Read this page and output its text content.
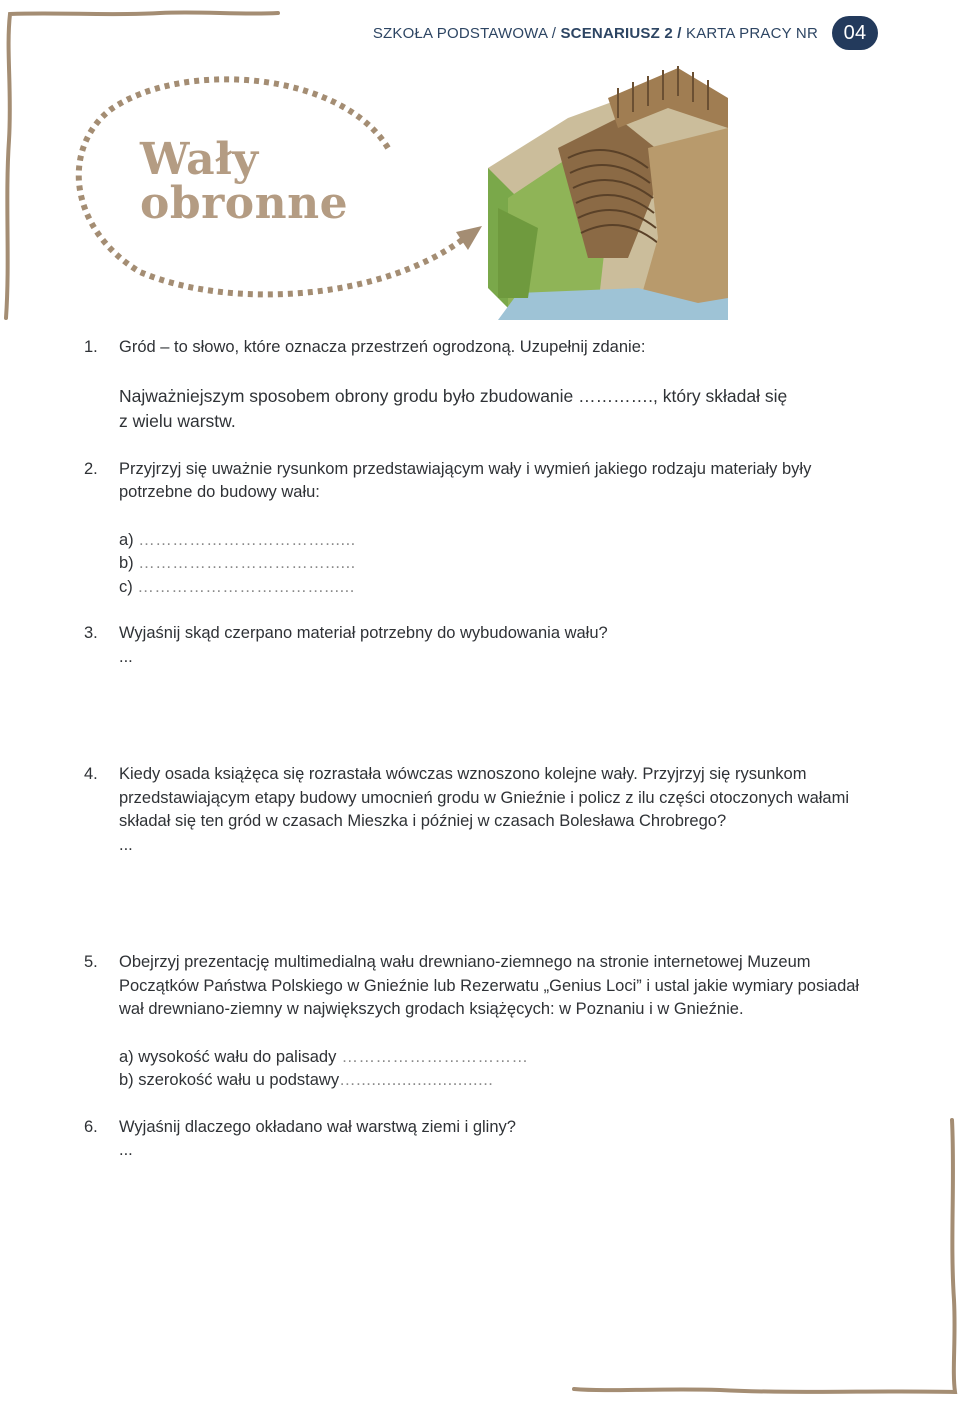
SZKOŁA PODSTAWOWA / SCENARIUSZ 2 / KARTA PRACY NR	04
Wały
obronne
1. Gród – to słowo, które oznacza przestrzeń ogrodzoną. Uzupełnij zdanie:
Najważniejszym sposobem obrony grodu było zbudowanie …………., który składał się
z wielu warstw.
2. Przyjrzyj się uważnie rysunkom przedstawiającym wały i wymień jakiego rodzaju materiały były potrzebne do budowy wału:
a) ……………………………......
b) ……………………………......
c) ……………………………......
3. Wyjaśnij skąd czerpano materiał potrzebny do wybudowania wału?
...
4. Kiedy osada książęca się rozrastała wówczas wznoszono kolejne wały. Przyjrzyj się rysunkom przedstawiającym etapy budowy umocnień grodu w Gnieźnie i policz z ilu części otoczonych wałami składał się ten gród w czasach Mieszka i później w czasach Bolesława Chrobrego?
...
5. Obejrzyj prezentację multimedialną wału drewniano-ziemnego na stronie internetowej Muzeum Początków Państwa Polskiego w Gnieźnie lub Rezerwatu „Genius Loci” i ustal jakie wymiary posiadał wał drewniano-ziemny w największych grodach książęcych: w Poznaniu i w Gnieźnie.
a) wysokość wału do palisady ……………………………
b) szerokość wału u podstawy…...........................
6. Wyjaśnij dlaczego okładano wał warstwą ziemi i gliny?
...
